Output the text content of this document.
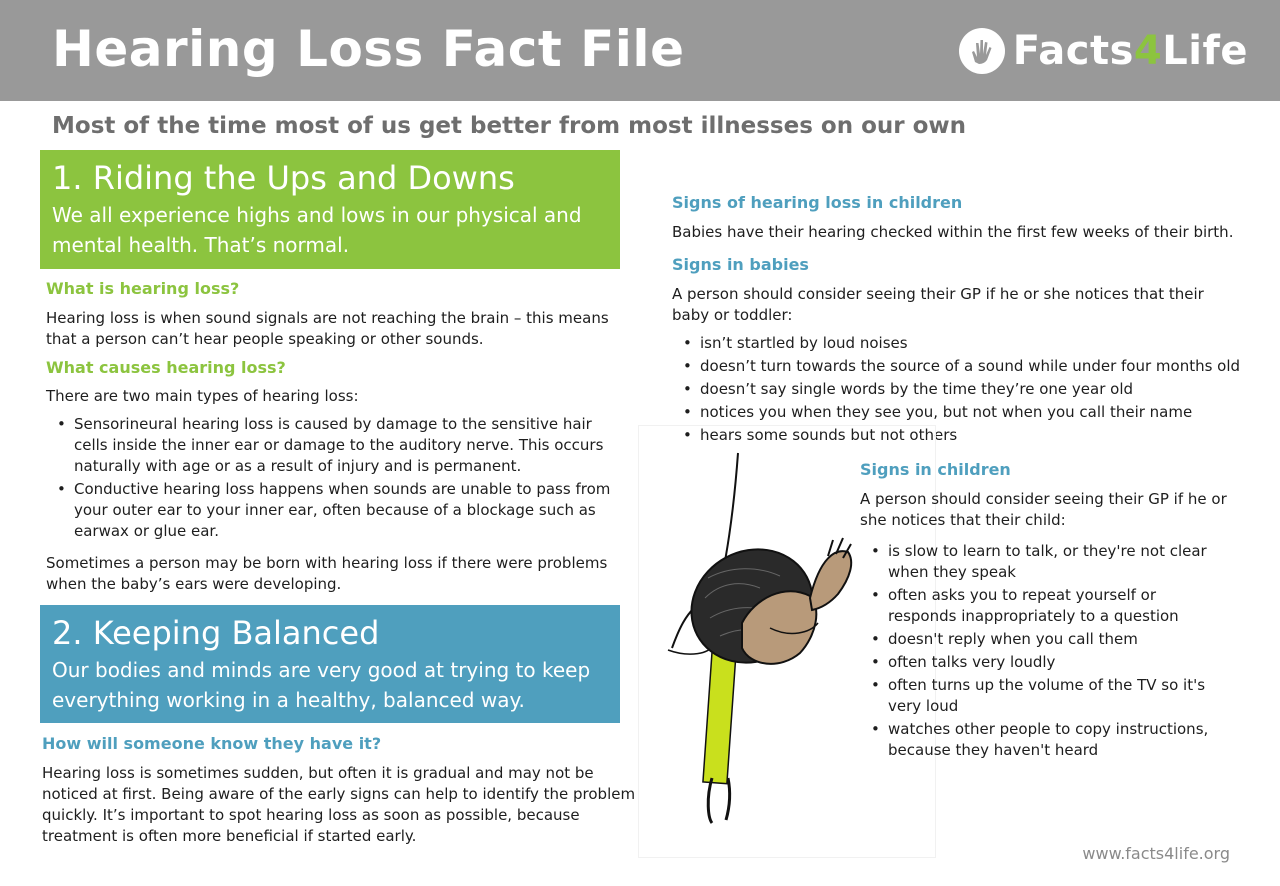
Hearing Loss Fact File	Facts4Life
Most of the time most of us get better from most illnesses on our own
1. Riding the Ups and Downs

We all experience highs and lows in our physical and mental health. That’s normal.

What is hearing loss?

Hearing loss is when sound signals are not reaching the brain – this means that a person can’t hear people speaking or other sounds.

What causes hearing loss?

There are two main types of hearing loss:

• Sensorineural hearing loss is caused by damage to the sensitive hair cells inside the inner ear or damage to the auditory nerve. This occurs naturally with age or as a result of injury and is permanent.
• Conductive hearing loss happens when sounds are unable to pass from your outer ear to your inner ear, often because of a blockage such as earwax or glue ear.

Sometimes a person may be born with hearing loss if there were problems when the baby’s ears were developing.

2. Keeping Balanced

Our bodies and minds are very good at trying to keep everything working in a healthy, balanced way.

How will someone know they have it?

Hearing loss is sometimes sudden, but often it is gradual and may not be noticed at first. Being aware of the early signs can help to identify the problem quickly. It’s important to spot hearing loss as soon as possible, because treatment is often more beneficial if started early.

Signs of hearing loss in children

Babies have their hearing checked within the first few weeks of their birth.

Signs in babies

A person should consider seeing their GP if he or she notices that their baby or toddler:

• isn’t startled by loud noises
• doesn’t turn towards the source of a sound while under four months old
• doesn’t say single words by the time they’re one year old
• notices you when they see you, but not when you call their name
• hears some sounds but not others
Signs in children

A person should consider seeing their GP if he or she notices that their child:

• is slow to learn to talk, or they're not clear when they speak
• often asks you to repeat yourself or responds inappropriately to a question
• doesn't reply when you call them
• often talks very loudly
• often turns up the volume of the TV so it's very loud
• watches other people to copy instructions, because they haven't heard
www.facts4life.org
